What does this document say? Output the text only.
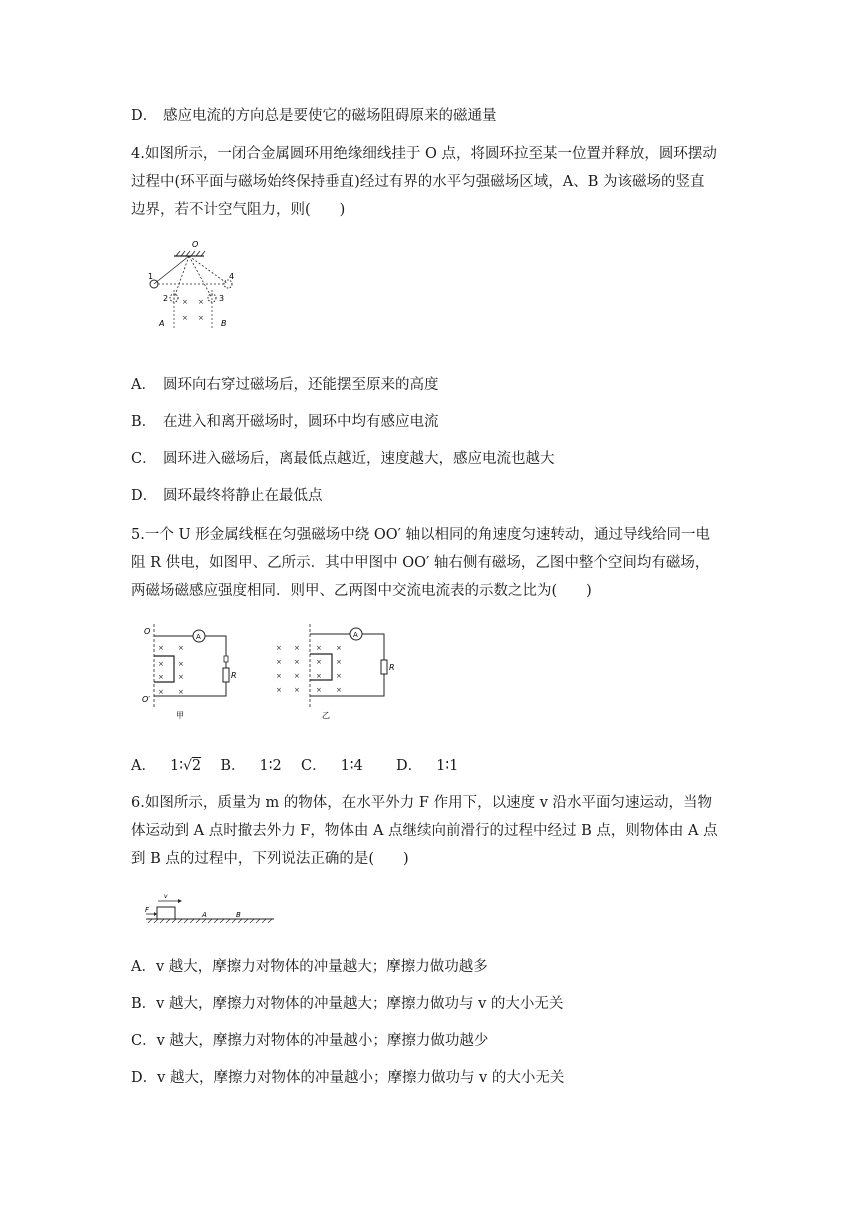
D． 感应电流的方向总是要使它的磁场阻碍原来的磁通量
4.如图所示，一闭合金属圆环用绝缘细线挂于 O 点，将圆环拉至某一位置并释放，圆环摆动
过程中(环平面与磁场始终保持垂直)经过有界的水平匀强磁场区域，A、B 为该磁场的竖直
边界，若不计空气阻力，则(　　)
O
1
2	3
4
× ×
× ×
A	B
A． 圆环向右穿过磁场后，还能摆至原来的高度
B． 在进入和离开磁场时，圆环中均有感应电流
C． 圆环进入磁场后，离最低点越近，速度越大，感应电流也越大
D． 圆环最终将静止在最低点
5.一个 U 形金属线框在匀强磁场中绕 OO′ 轴以相同的角速度匀速转动，通过导线给同一电
阻 R 供电，如图甲、乙所示．其中甲图中 OO′ 轴右侧有磁场，乙图中整个空间均有磁场，
两磁场磁感应强度相同．则甲、乙两图中交流电流表的示数之比为(　　)
O
O′
A
R
× ×
× ×
× ×
× ×
甲
A
R
× × × ×
× × × ×
× × × ×
× × × ×
乙
A． 1∶√2 B． 1∶2 C． 1∶4 D． 1∶1
6.如图所示，质量为 m 的物体，在水平外力 F 作用下，以速度 v 沿水平面匀速运动，当物
体运动到 A 点时撤去外力 F，物体由 A 点继续向前滑行的过程中经过 B 点，则物体由 A 点
到 B 点的过程中，下列说法正确的是(　　)
v
F
A	B
A．v 越大，摩擦力对物体的冲量越大；摩擦力做功越多
B．v 越大，摩擦力对物体的冲量越大；摩擦力做功与 v 的大小无关
C．v 越大，摩擦力对物体的冲量越小；摩擦力做功越少
D．v 越大，摩擦力对物体的冲量越小；摩擦力做功与 v 的大小无关
